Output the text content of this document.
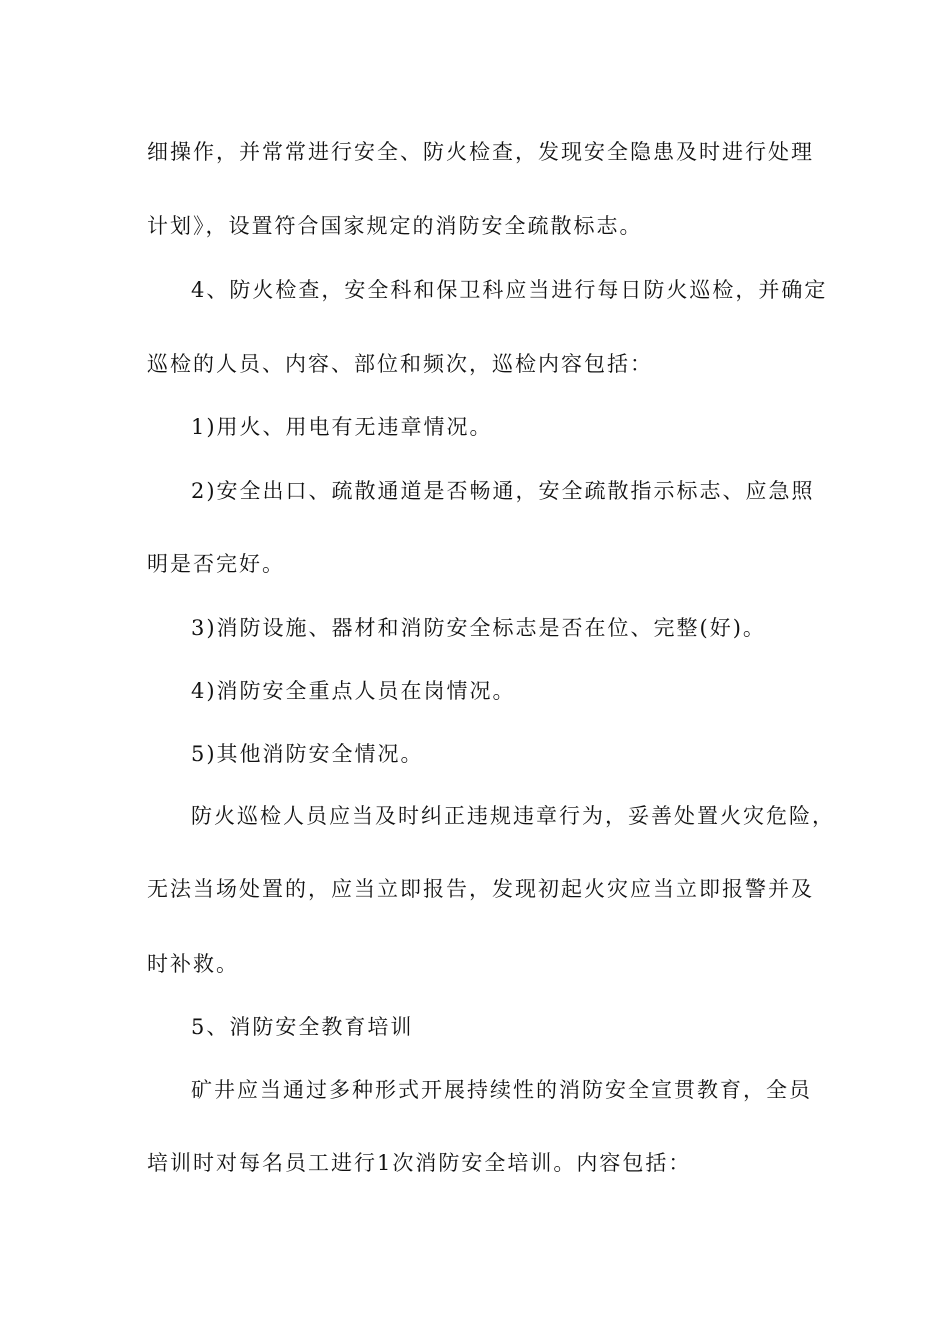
细操作，并常常进行安全、防火检查，发现安全隐患及时进行处理
计划》，设置符合国家规定的消防安全疏散标志。
4、防火检查，安全科和保卫科应当进行每日防火巡检，并确定
巡检的人员、内容、部位和频次，巡检内容包括：
1)用火、用电有无违章情况。
2)安全出口、疏散通道是否畅通，安全疏散指示标志、应急照
明是否完好。
3)消防设施、器材和消防安全标志是否在位、完整(好)。
4)消防安全重点人员在岗情况。
5)其他消防安全情况。
防火巡检人员应当及时纠正违规违章行为，妥善处置火灾危险，
无法当场处置的，应当立即报告，发现初起火灾应当立即报警并及
时补救。
5、消防安全教育培训
矿井应当通过多种形式开展持续性的消防安全宣贯教育，全员
培训时对每名员工进行1次消防安全培训。内容包括：
